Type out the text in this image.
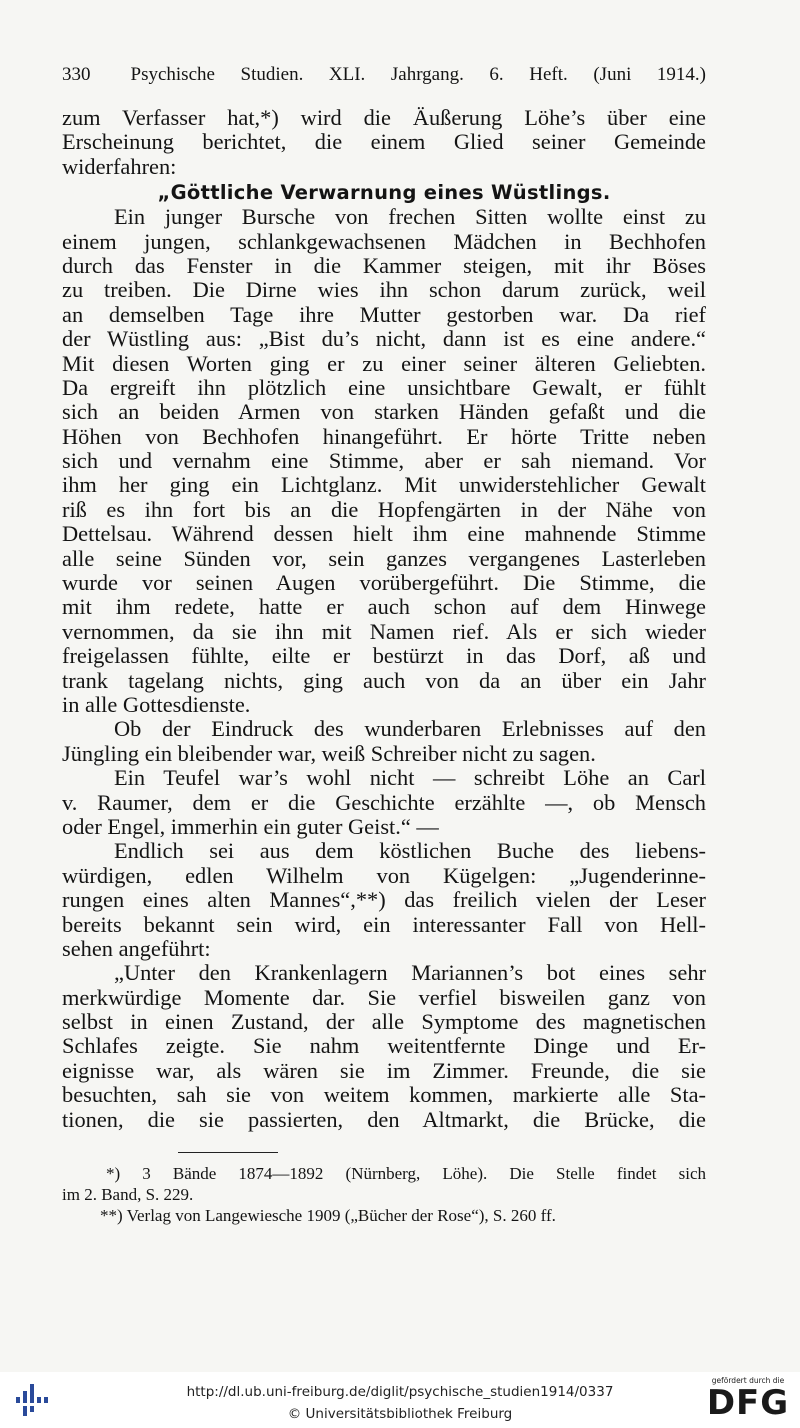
330 Psychische Studien. XLI. Jahrgang. 6. Heft. (Juni 1914.)
zum Verfasser hat,*) wird die Äußerung Löhe’s über eine
Erscheinung berichtet, die einem Glied seiner Gemeinde
widerfahren:
„Göttliche Verwarnung eines Wüstlings.
Ein junger Bursche von frechen Sitten wollte einst zu
einem jungen, schlankgewachsenen Mädchen in Bechhofen
durch das Fenster in die Kammer steigen, mit ihr Böses
zu treiben. Die Dirne wies ihn schon darum zurück, weil
an demselben Tage ihre Mutter gestorben war. Da rief
der Wüstling aus: „Bist du’s nicht, dann ist es eine andere.“
Mit diesen Worten ging er zu einer seiner älteren Geliebten.
Da ergreift ihn plötzlich eine unsichtbare Gewalt, er fühlt
sich an beiden Armen von starken Händen gefaßt und die
Höhen von Bechhofen hinangeführt. Er hörte Tritte neben
sich und vernahm eine Stimme, aber er sah niemand. Vor
ihm her ging ein Lichtglanz. Mit unwiderstehlicher Gewalt
riß es ihn fort bis an die Hopfengärten in der Nähe von
Dettelsau. Während dessen hielt ihm eine mahnende Stimme
alle seine Sünden vor, sein ganzes vergangenes Lasterleben
wurde vor seinen Augen vorübergeführt. Die Stimme, die
mit ihm redete, hatte er auch schon auf dem Hinwege
vernommen, da sie ihn mit Namen rief. Als er sich wieder
freigelassen fühlte, eilte er bestürzt in das Dorf, aß und
trank tagelang nichts, ging auch von da an über ein Jahr
in alle Gottesdienste.
Ob der Eindruck des wunderbaren Erlebnisses auf den
Jüngling ein bleibender war, weiß Schreiber nicht zu sagen.
Ein Teufel war’s wohl nicht — schreibt Löhe an Carl
v. Raumer, dem er die Geschichte erzählte —, ob Mensch
oder Engel, immerhin ein guter Geist.“ —
Endlich sei aus dem köstlichen Buche des liebens-
würdigen, edlen Wilhelm von Kügelgen: „Jugenderinne-
rungen eines alten Mannes“,**) das freilich vielen der Leser
bereits bekannt sein wird, ein interessanter Fall von Hell-
sehen angeführt:
„Unter den Krankenlagern Mariannen’s bot eines sehr
merkwürdige Momente dar. Sie verfiel bisweilen ganz von
selbst in einen Zustand, der alle Symptome des magnetischen
Schlafes zeigte. Sie nahm weitentfernte Dinge und Er-
eignisse war, als wären sie im Zimmer. Freunde, die sie
besuchten, sah sie von weitem kommen, markierte alle Sta-
tionen, die sie passierten, den Altmarkt, die Brücke, die
*) 3 Bände 1874—1892 (Nürnberg, Löhe). Die Stelle findet sich
im 2. Band, S. 229.
**) Verlag von Langewiesche 1909 („Bücher der Rose“), S. 260 ff.
http://dl.ub.uni-freiburg.de/diglit/psychische_studien1914/0337
© Universitätsbibliothek Freiburg
gefördert durch die
DFG
